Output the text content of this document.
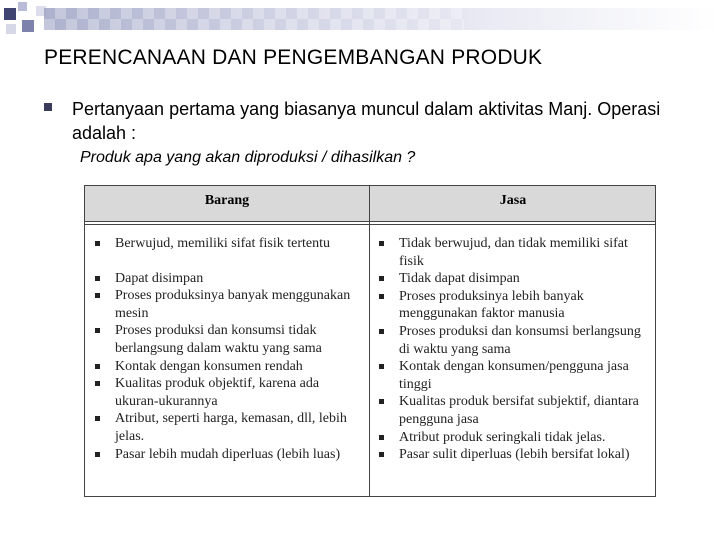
PERENCANAAN DAN PENGEMBANGAN PRODUK
Pertanyaan pertama yang biasanya muncul dalam aktivitas Manj. Operasi adalah :
Produk apa yang akan diproduksi / dihasilkan ?
Barang	Jasa
Berwujud, memiliki sifat fisik tertentu
Dapat disimpan
Proses produksinya banyak menggunakan mesin
Proses produksi dan konsumsi tidak berlangsung dalam waktu yang sama
Kontak dengan konsumen rendah
Kualitas produk objektif, karena ada ukuran-ukurannya
Atribut, seperti harga, kemasan, dll, lebih jelas.
Pasar lebih mudah diperluas (lebih luas)
Tidak berwujud, dan tidak memiliki sifat fisik
Tidak dapat disimpan
Proses produksinya lebih banyak menggunakan faktor manusia
Proses produksi dan konsumsi berlangsung di waktu yang sama
Kontak dengan konsumen/pengguna jasa tinggi
Kualitas produk bersifat subjektif, diantara pengguna jasa
Atribut produk seringkali tidak jelas.
Pasar sulit diperluas (lebih bersifat lokal)
